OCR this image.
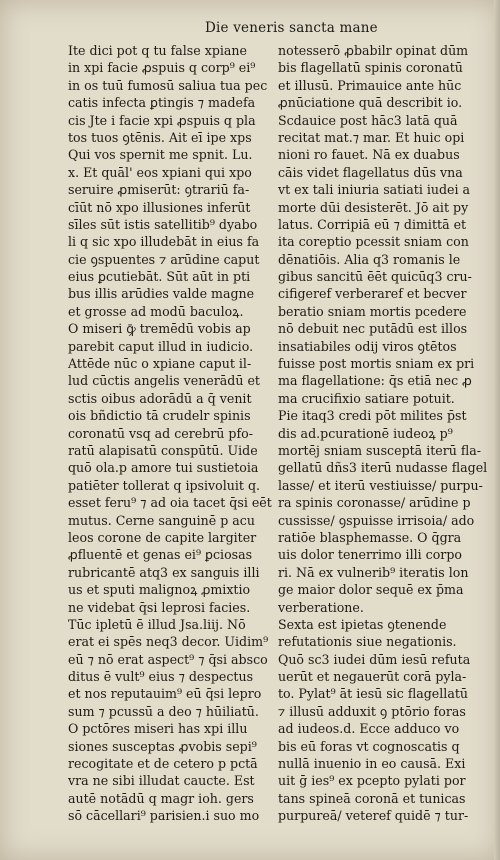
Die veneris sancta mane
Ite dici pot q tu false xpiane
in xpi facie ꝓspuis q corp⁹ ei⁹
in os tuū fumosū saliua tua pec
catis infecta ꝑtingis ⁊ madefa
cis Jte i facie xpi ꝓspuis q pla
tos tuos ꝯtēnis. Ait eī ipe xps
Qui vos spernit me spnit. Lu.
x. Et quāl' eos xpiani qui xpo
seruire ꝓmiserūt: ꝯtrariū fa-
cīūt nō xpo illusiones inferūt
sīles sūt istis satellitib⁹ dyabo
li q sic xpo illudebāt in eius fa
cie ꝯspuentes ⁊ arūdine caput
eius ꝑcutiebāt. Sūt aūt in pti
bus illis arūdies valde magne
et grosse ad modū baculoꝝ.
O miseri ꝙ̄ tremēdū vobis ap
parebit caput illud in iudicio.
Attēde nūc o xpiane caput il-
lud cūctis angelis venerādū et
sctis oibus adorādū a q̄ venit
ois bñdictio tā crudelr spinis
coronatū vsq ad cerebrū pfo-
ratū alapisatū conspūtū. Uide
quō ola.p amore tui sustietoia
patiēter tollerat q ipsivoluit q.
esset feru⁹ ⁊ ad oia tacet q̄si eēt
mutus. Cerne sanguinē p acu
leos corone de capite largiter
ꝓfluentē et genas ei⁹ ꝑciosas
rubricantē atq3 ex sanguis illi
us et sputi malignoꝝ ꝓmixtio
ne videbat q̄si leprosi facies.
Tūc ipletū ē illud Jsa.liij. Nō
erat ei spēs neq3 decor. Uidim⁹
eū ⁊ nō erat aspect⁹ ⁊ q̄si absco
ditus ē vult⁹ eius ⁊ despectus
et nos reputauim⁹ eū q̄si lepro
sum ⁊ pcussū a deo ⁊ hūiliatū.
O pctōres miseri has xpi illu
siones susceptas ꝓvobis sepi⁹
recogitate et de cetero p pctā
vra ne sibi illudat caucte. Est
autē notādū q magr ioh. gers
sō cācellari⁹ parisien.i suo mo
notesserō ꝓbabilr opinat dūm
bis flagellatū spinis coronatū
et illusū. Primauice ante hūc
ꝓnūciatione quā describit io.
Scdauice post hāc3 latā quā
recitat mat.⁊ mar. Et huic opi
nioni ro fauet. Nā ex duabus
cāis videt flagellatus dūs vna
vt ex tali iniuria satiati iudei a
morte dūi desisterēt. Jō ait py
latus. Corripiā eū ⁊ dimittā et
ita coreptio pcessit sniam con
dēnatiōis. Alia q3 romanis le
gibus sancitū ēēt quicūq3 cru-
cifigeref verberaref et becver
beratio sniam mortis pcedere
nō debuit nec putādū est illos
insatiabiles odij viros ꝯtētos
fuisse post mortis sniam ex pri
ma flagellatione: q̄s etiā nec ꝓ
ma crucifixio satiare potuit.
Pie itaq3 credi pōt milites p̄st
dis ad.pcurationē iudeoꝝ p⁹
mortēj sniam susceptā iterū fla-
gellatū dñs3 iterū nudasse flagel
lasse/ et iterū vestiuisse/ purpu-
ra spinis coronasse/ arūdine p
cussisse/ ꝯspuisse irrisoia/ ado
ratiōe blasphemasse. O q̄gra
uis dolor tenerrimo illi corpo
ri. Nā ex vulnerib⁹ iteratis lon
ge maior dolor sequē ex p̄ma
verberatione.
Sexta est ipietas ꝯtenende
refutationis siue negationis.
Quō sc3 iudei dūm iesū refuta
uerūt et negauerūt corā pyla-
to. Pylat⁹ āt iesū sic flagellatū
⁊ illusū adduxit ꝯ ptōrio foras
ad iudeos.d. Ecce adduco vo
bis eū foras vt cognoscatis q
nullā inuenio in eo causā. Exi
uit ḡ ies⁹ ex pcepto pylati por
tans spineā coronā et tunicas
purpureā/ veteref quidē ⁊ tur-
